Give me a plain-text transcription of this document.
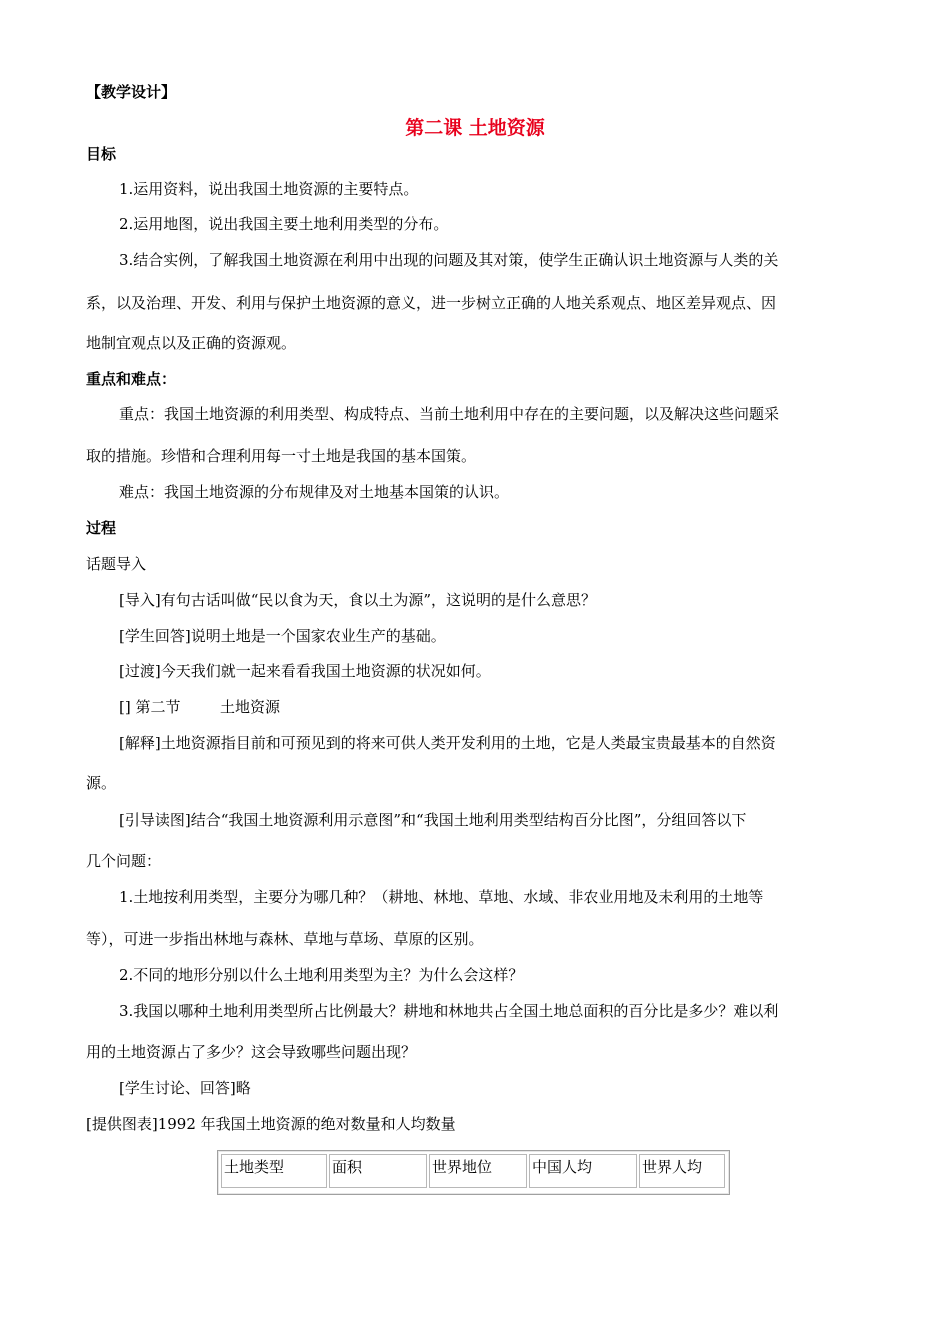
【教学设计】
第二课 土地资源
目标
1.运用资料，说出我国土地资源的主要特点。
2.运用地图，说出我国主要土地利用类型的分布。
3.结合实例，了解我国土地资源在利用中出现的问题及其对策，使学生正确认识土地资源与人类的关
系，以及治理、开发、利用与保护土地资源的意义，进一步树立正确的人地关系观点、地区差异观点、因
地制宜观点以及正确的资源观。
重点和难点：
重点：我国土地资源的利用类型、构成特点、当前土地利用中存在的主要问题，以及解决这些问题采
取的措施。珍惜和合理利用每一寸土地是我国的基本国策。
难点：我国土地资源的分布规律及对土地基本国策的认识。
过程
话题导入
[导入]有句古话叫做“民以食为天，食以土为源”，这说明的是什么意思？
[学生回答]说明土地是一个国家农业生产的基础。
[过渡]今天我们就一起来看看我国土地资源的状况如何。
[] 第二节 　　 土地资源
[解释]土地资源指目前和可预见到的将来可供人类开发利用的土地，它是人类最宝贵最基本的自然资
源。
[引导读图]结合“我国土地资源利用示意图”和“我国土地利用类型结构百分比图”，分组回答以下
几个问题：
1.土地按利用类型，主要分为哪几种？（耕地、林地、草地、水域、非农业用地及未利用的土地等
等），可进一步指出林地与森林、草地与草场、草原的区别。
2.不同的地形分别以什么土地利用类型为主？为什么会这样？
3.我国以哪种土地利用类型所占比例最大？耕地和林地共占全国土地总面积的百分比是多少？难以利
用的土地资源占了多少？这会导致哪些问题出现？
[学生讨论、回答]略
[提供图表]1992 年我国土地资源的绝对数量和人均数量
土地类型	面积	世界地位	中国人均	世界人均
